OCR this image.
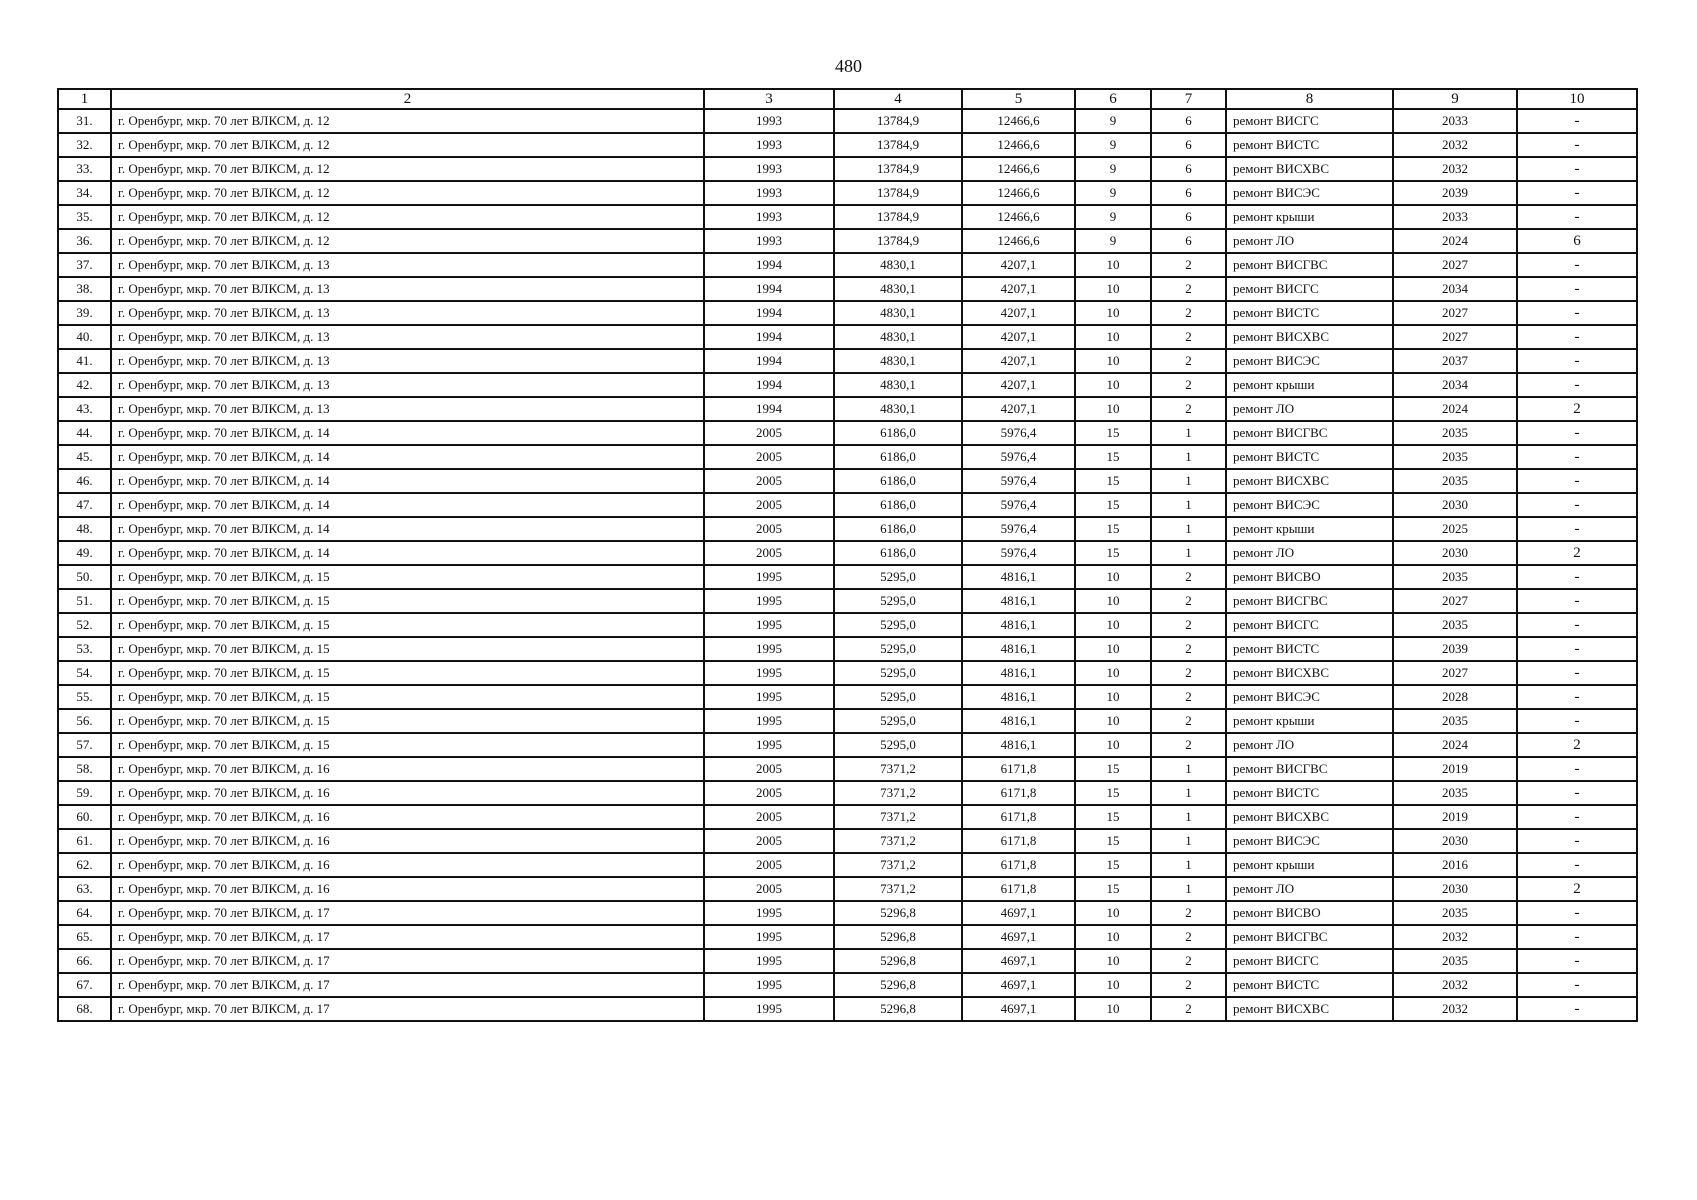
480
1	2	3	4	5	6	7	8	9	10
31.	г. Оренбург, мкр. 70 лет ВЛКСМ, д. 12	1993	13784,9	12466,6	9	6	ремонт ВИСГС	2033	-
32.	г. Оренбург, мкр. 70 лет ВЛКСМ, д. 12	1993	13784,9	12466,6	9	6	ремонт ВИСТС	2032	-
33.	г. Оренбург, мкр. 70 лет ВЛКСМ, д. 12	1993	13784,9	12466,6	9	6	ремонт ВИСХВС	2032	-
34.	г. Оренбург, мкр. 70 лет ВЛКСМ, д. 12	1993	13784,9	12466,6	9	6	ремонт ВИСЭС	2039	-
35.	г. Оренбург, мкр. 70 лет ВЛКСМ, д. 12	1993	13784,9	12466,6	9	6	ремонт крыши	2033	-
36.	г. Оренбург, мкр. 70 лет ВЛКСМ, д. 12	1993	13784,9	12466,6	9	6	ремонт ЛО	2024	6
37.	г. Оренбург, мкр. 70 лет ВЛКСМ, д. 13	1994	4830,1	4207,1	10	2	ремонт ВИСГВС	2027	-
38.	г. Оренбург, мкр. 70 лет ВЛКСМ, д. 13	1994	4830,1	4207,1	10	2	ремонт ВИСГС	2034	-
39.	г. Оренбург, мкр. 70 лет ВЛКСМ, д. 13	1994	4830,1	4207,1	10	2	ремонт ВИСТС	2027	-
40.	г. Оренбург, мкр. 70 лет ВЛКСМ, д. 13	1994	4830,1	4207,1	10	2	ремонт ВИСХВС	2027	-
41.	г. Оренбург, мкр. 70 лет ВЛКСМ, д. 13	1994	4830,1	4207,1	10	2	ремонт ВИСЭС	2037	-
42.	г. Оренбург, мкр. 70 лет ВЛКСМ, д. 13	1994	4830,1	4207,1	10	2	ремонт крыши	2034	-
43.	г. Оренбург, мкр. 70 лет ВЛКСМ, д. 13	1994	4830,1	4207,1	10	2	ремонт ЛО	2024	2
44.	г. Оренбург, мкр. 70 лет ВЛКСМ, д. 14	2005	6186,0	5976,4	15	1	ремонт ВИСГВС	2035	-
45.	г. Оренбург, мкр. 70 лет ВЛКСМ, д. 14	2005	6186,0	5976,4	15	1	ремонт ВИСТС	2035	-
46.	г. Оренбург, мкр. 70 лет ВЛКСМ, д. 14	2005	6186,0	5976,4	15	1	ремонт ВИСХВС	2035	-
47.	г. Оренбург, мкр. 70 лет ВЛКСМ, д. 14	2005	6186,0	5976,4	15	1	ремонт ВИСЭС	2030	-
48.	г. Оренбург, мкр. 70 лет ВЛКСМ, д. 14	2005	6186,0	5976,4	15	1	ремонт крыши	2025	-
49.	г. Оренбург, мкр. 70 лет ВЛКСМ, д. 14	2005	6186,0	5976,4	15	1	ремонт ЛО	2030	2
50.	г. Оренбург, мкр. 70 лет ВЛКСМ, д. 15	1995	5295,0	4816,1	10	2	ремонт ВИСВО	2035	-
51.	г. Оренбург, мкр. 70 лет ВЛКСМ, д. 15	1995	5295,0	4816,1	10	2	ремонт ВИСГВС	2027	-
52.	г. Оренбург, мкр. 70 лет ВЛКСМ, д. 15	1995	5295,0	4816,1	10	2	ремонт ВИСГС	2035	-
53.	г. Оренбург, мкр. 70 лет ВЛКСМ, д. 15	1995	5295,0	4816,1	10	2	ремонт ВИСТС	2039	-
54.	г. Оренбург, мкр. 70 лет ВЛКСМ, д. 15	1995	5295,0	4816,1	10	2	ремонт ВИСХВС	2027	-
55.	г. Оренбург, мкр. 70 лет ВЛКСМ, д. 15	1995	5295,0	4816,1	10	2	ремонт ВИСЭС	2028	-
56.	г. Оренбург, мкр. 70 лет ВЛКСМ, д. 15	1995	5295,0	4816,1	10	2	ремонт крыши	2035	-
57.	г. Оренбург, мкр. 70 лет ВЛКСМ, д. 15	1995	5295,0	4816,1	10	2	ремонт ЛО	2024	2
58.	г. Оренбург, мкр. 70 лет ВЛКСМ, д. 16	2005	7371,2	6171,8	15	1	ремонт ВИСГВС	2019	-
59.	г. Оренбург, мкр. 70 лет ВЛКСМ, д. 16	2005	7371,2	6171,8	15	1	ремонт ВИСТС	2035	-
60.	г. Оренбург, мкр. 70 лет ВЛКСМ, д. 16	2005	7371,2	6171,8	15	1	ремонт ВИСХВС	2019	-
61.	г. Оренбург, мкр. 70 лет ВЛКСМ, д. 16	2005	7371,2	6171,8	15	1	ремонт ВИСЭС	2030	-
62.	г. Оренбург, мкр. 70 лет ВЛКСМ, д. 16	2005	7371,2	6171,8	15	1	ремонт крыши	2016	-
63.	г. Оренбург, мкр. 70 лет ВЛКСМ, д. 16	2005	7371,2	6171,8	15	1	ремонт ЛО	2030	2
64.	г. Оренбург, мкр. 70 лет ВЛКСМ, д. 17	1995	5296,8	4697,1	10	2	ремонт ВИСВО	2035	-
65.	г. Оренбург, мкр. 70 лет ВЛКСМ, д. 17	1995	5296,8	4697,1	10	2	ремонт ВИСГВС	2032	-
66.	г. Оренбург, мкр. 70 лет ВЛКСМ, д. 17	1995	5296,8	4697,1	10	2	ремонт ВИСГС	2035	-
67.	г. Оренбург, мкр. 70 лет ВЛКСМ, д. 17	1995	5296,8	4697,1	10	2	ремонт ВИСТС	2032	-
68.	г. Оренбург, мкр. 70 лет ВЛКСМ, д. 17	1995	5296,8	4697,1	10	2	ремонт ВИСХВС	2032	-
